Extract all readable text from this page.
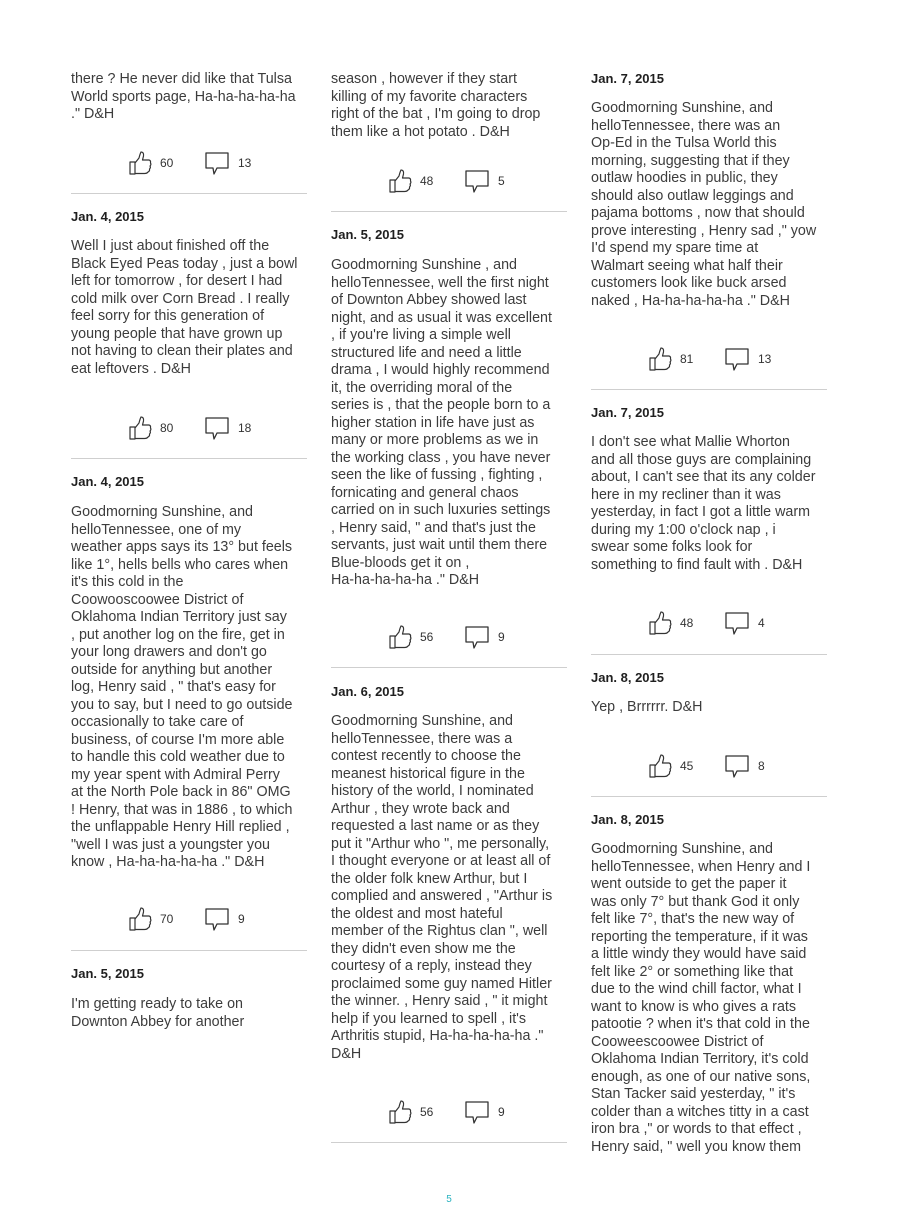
there ? He never did like that Tulsa
World sports page, Ha-ha-ha-ha-ha
." D&H
60	13
Jan. 4, 2015
Well I just about finished off the
Black Eyed Peas today , just a bowl
left for tomorrow , for desert I had
cold milk over Corn Bread . I really
feel sorry for this generation of
young people that have grown up
not having to clean their plates and
eat leftovers . D&H
80	18
Jan. 4, 2015
Goodmorning Sunshine, and
helloTennessee, one of my
weather apps says its 13° but feels
like 1°, hells bells who cares when
it's this cold in the
Coowooscoowee District of
Oklahoma Indian Territory just say
, put another log on the fire, get in
your long drawers and don't go
outside for anything but another
log, Henry said , " that's easy for
you to say, but I need to go outside
occasionally to take care of
business, of course I'm more able
to handle this cold weather due to
my year spent with Admiral Perry
at the North Pole back in 86" OMG
! Henry, that was in 1886 , to which
the unflappable Henry Hill replied ,
"well I was just a youngster you
know , Ha-ha-ha-ha-ha ." D&H
70	9
Jan. 5, 2015
I'm getting ready to take on
Downton Abbey for another
season , however if they start
killing of my favorite characters
right of the bat , I'm going to drop
them like a hot potato . D&H
48	5
Jan. 5, 2015
Goodmorning Sunshine , and
helloTennessee, well the first night
of Downton Abbey showed last
night, and as usual it was excellent
, if you're living a simple well
structured life and need a little
drama , I would highly recommend
it, the overriding moral of the
series is , that the people born to a
higher station in life have just as
many or more problems as we in
the working class , you have never
seen the like of fussing , fighting ,
fornicating and general chaos
carried on in such luxuries settings
, Henry said, " and that's just the
servants, just wait until them there
Blue-bloods get it on ,
Ha-ha-ha-ha-ha ." D&H
56	9
Jan. 6, 2015
Goodmorning Sunshine, and
helloTennessee, there was a
contest recently to choose the
meanest historical figure in the
history of the world, I nominated
Arthur , they wrote back and
requested a last name or as they
put it "Arthur who ", me personally,
I thought everyone or at least all of
the older folk knew Arthur, but I
complied and answered , "Arthur is
the oldest and most hateful
member of the Rightus clan ", well
they didn't even show me the
courtesy of a reply, instead they
proclaimed some guy named Hitler
the winner. , Henry said , " it might
help if you learned to spell , it's
Arthritis stupid, Ha-ha-ha-ha-ha ."
D&H
56	9
Jan. 7, 2015
Goodmorning Sunshine, and
helloTennessee, there was an
Op-Ed in the Tulsa World this
morning, suggesting that if they
outlaw hoodies in public, they
should also outlaw leggings and
pajama bottoms , now that should
prove interesting , Henry sad ," yow
I'd spend my spare time at
Walmart seeing what half their
customers look like buck arsed
naked , Ha-ha-ha-ha-ha ." D&H
81	13
Jan. 7, 2015
I don't see what Mallie Whorton
and all those guys are complaining
about, I can't see that its any colder
here in my recliner than it was
yesterday, in fact I got a little warm
during my 1:00 o'clock nap , i
swear some folks look for
something to find fault with . D&H
48	4
Jan. 8, 2015
Yep , Brrrrrr. D&H
45	8
Jan. 8, 2015
Goodmorning Sunshine, and
helloTennessee, when Henry and I
went outside to get the paper it
was only 7° but thank God it only
felt like 7°, that's the new way of
reporting the temperature, if it was
a little windy they would have said
felt like 2° or something like that
due to the wind chill factor, what I
want to know is who gives a rats
patootie ? when it's that cold in the
Cooweescoowee District of
Oklahoma Indian Territory, it's cold
enough, as one of our native sons,
Stan Tacker said yesterday, " it's
colder than a witches titty in a cast
iron bra ," or words to that effect ,
Henry said, " well you know them
5
